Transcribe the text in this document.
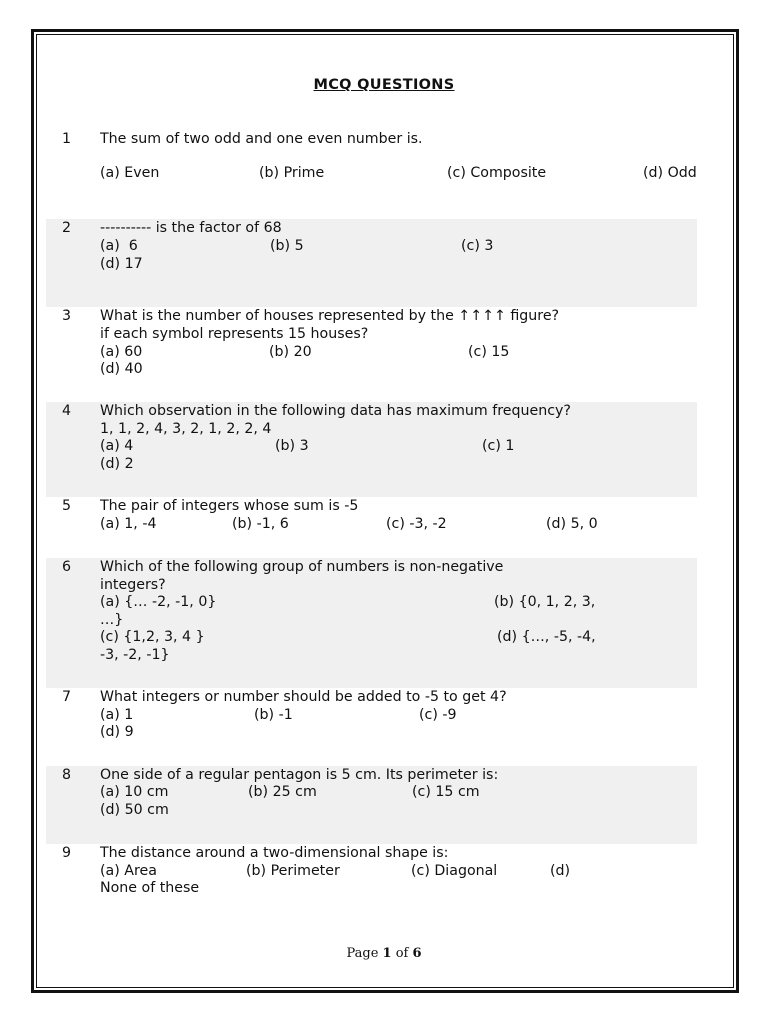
MCQ QUESTIONS
1 The sum of two odd and one even number is.
(a) Even	(b) Prime	(c) Composite	(d) Odd
2 ---------- is the factor of 68
(a)  6	(b) 5	(c) 3
(d) 17
3 What is the number of houses represented by the ↑↑↑↑ figure?
if each symbol represents 15 houses?
(a) 60	(b) 20	(c) 15
(d) 40
4 Which observation in the following data has maximum frequency?
1, 1, 2, 4, 3, 2, 1, 2, 2, 4
(a) 4	(b) 3	(c) 1
(d) 2
5 The pair of integers whose sum is -5
(a) 1, -4	(b) -1, 6	(c) -3, -2	(d) 5, 0
6 Which of the following group of numbers is non-negative
integers?
(a) {… -2, -1, 0}	(b) {0, 1, 2, 3,
…}
(c) {1,2, 3, 4 }	(d) {…, -5, -4,
-3, -2, -1}
7 What integers or number should be added to -5 to get 4?
(a) 1	(b) -1	(c) -9
(d) 9
8 One side of a regular pentagon is 5 cm. Its perimeter is:
(a) 10 cm	(b) 25 cm	(c) 15 cm
(d) 50 cm
9 The distance around a two-dimensional shape is:
(a) Area	(b) Perimeter	(c) Diagonal	(d)
None of these
Page 1 of 6
